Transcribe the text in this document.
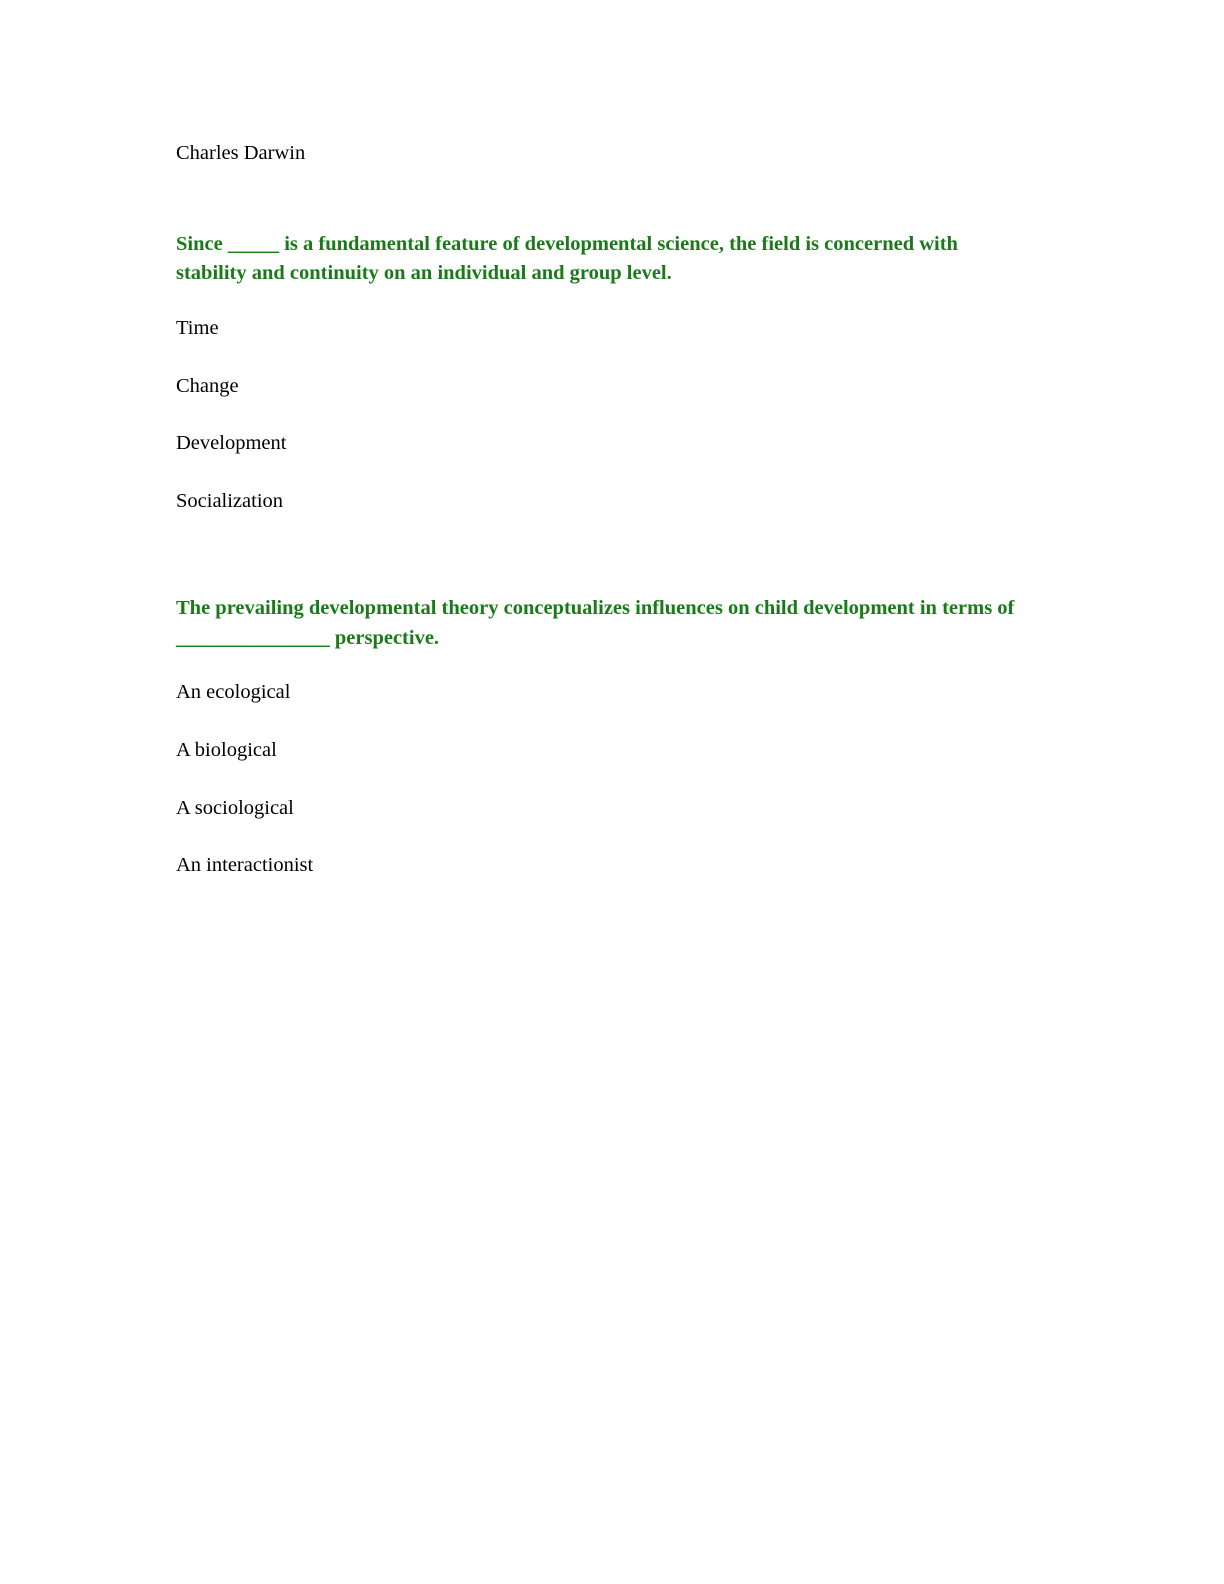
Charles Darwin

Since _____ is a fundamental feature of developmental science, the field is concerned with stability and continuity on an individual and group level.

Time
Change
Development
Socialization

The prevailing developmental theory conceptualizes influences on child development in terms of _______________ perspective.

An ecological
A biological
A sociological
An interactionist
